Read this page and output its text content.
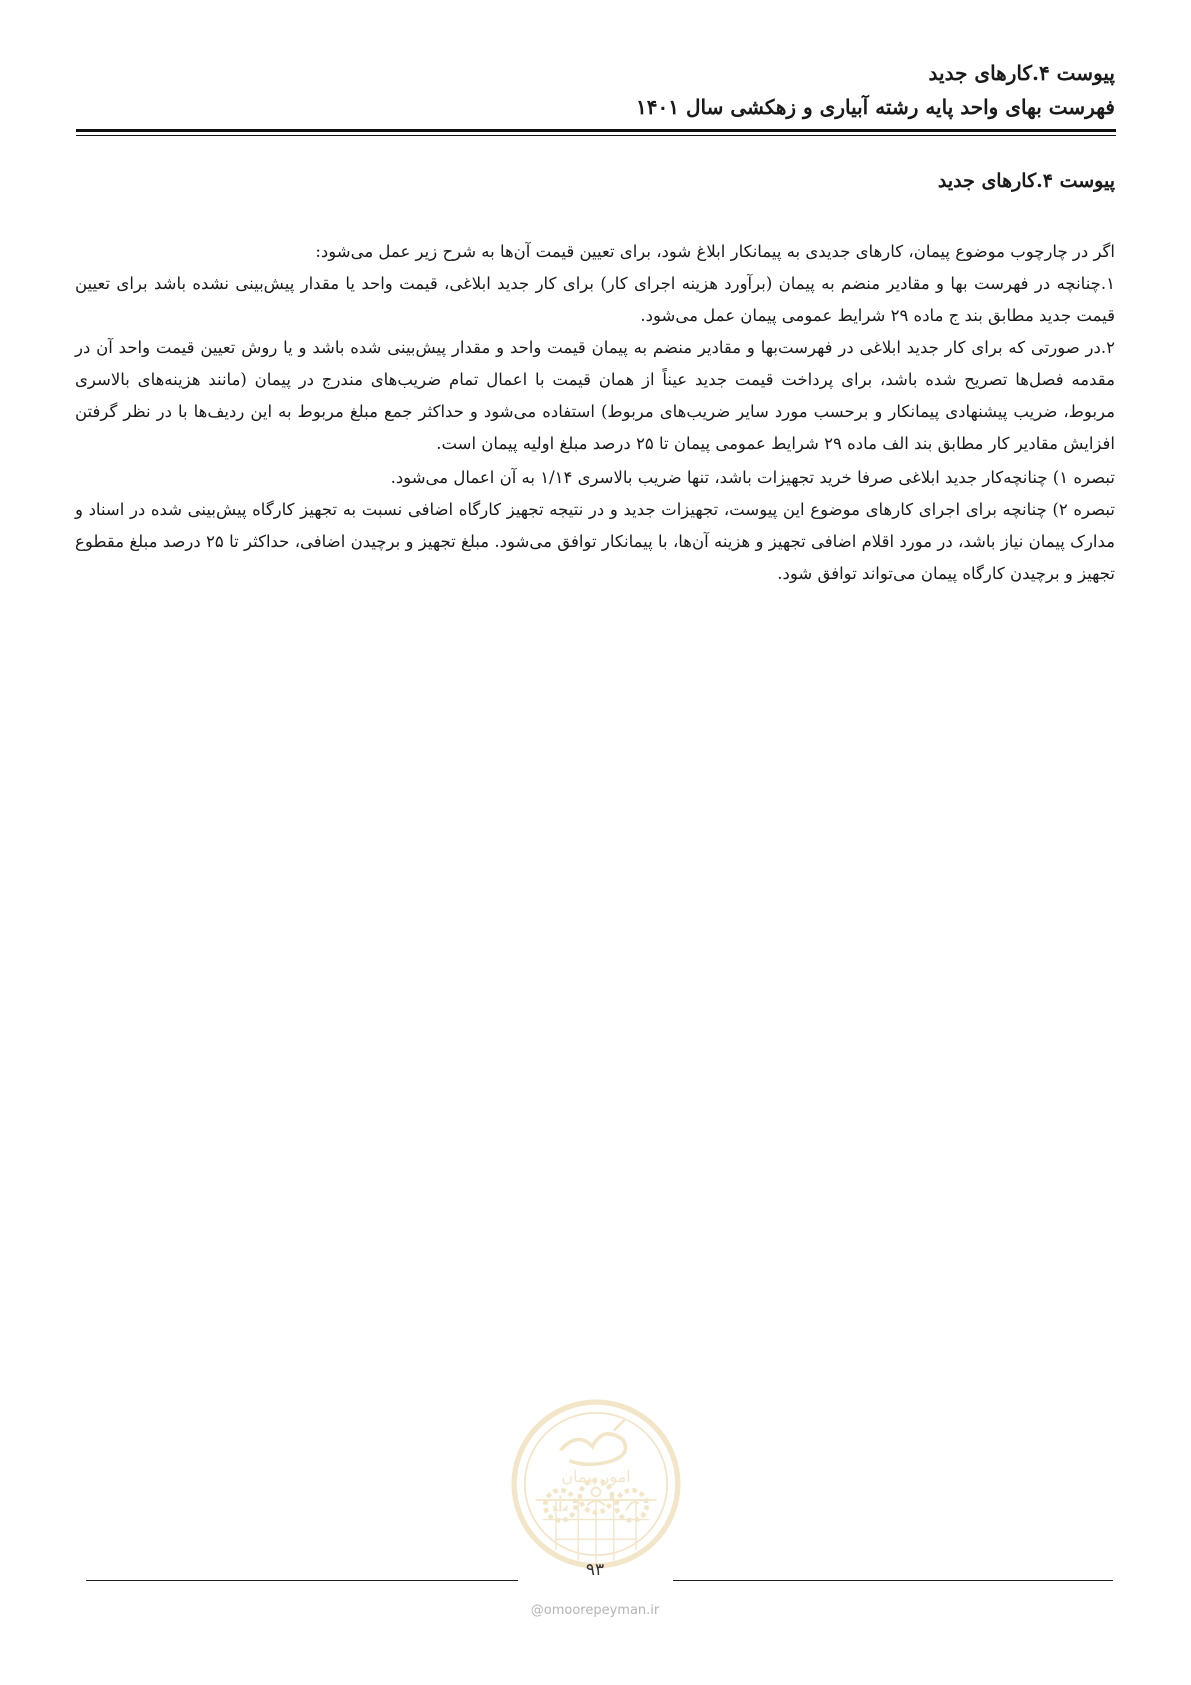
پیوست ۴.کارهای جدید
فهرست بهای واحد پایه رشته آبیاری و زهکشی سال ۱۴۰۱
پیوست ۴.کارهای جدید

اگر در چارچوب موضوع پیمان، کارهای جدیدی به پیمانکار ابلاغ شود، برای تعیین قیمت آن‌ها به شرح زیر عمل می‌شود:

۱.چنانچه در فهرست بها و مقادیر منضم به پیمان (برآورد هزینه اجرای کار) برای کار جدید ابلاغی، قیمت واحد یا مقدار پیش‌بینی نشده باشد برای تعیین قیمت جدید مطابق بند ج ماده ۲۹ شرایط عمومی پیمان عمل می‌شود.

۲.در صورتی که برای کار جدید ابلاغی در فهرست‌بها و مقادیر منضم به پیمان قیمت واحد و مقدار پیش‌بینی شده باشد و یا روش تعیین قیمت واحد آن در مقدمه فصل‌ها تصریح شده باشد، برای پرداخت قیمت جدید عیناً از همان قیمت با اعمال تمام ضریب‌های مندرج در پیمان (مانند هزینه‌های بالاسری مربوط، ضریب پیشنهادی پیمانکار و برحسب مورد سایر ضریب‌های مربوط) استفاده می‌شود و حداکثر جمع مبلغ مربوط به این ردیف‌ها با در نظر گرفتن افزایش مقادیر کار مطابق بند الف ماده ۲۹ شرایط عمومی پیمان تا ۲۵ درصد مبلغ اولیه پیمان است.

تبصره ۱) چنانچه‌کار جدید ابلاغی صرفا خرید تجهیزات باشد، تنها ضریب بالاسری ۱/۱۴ به آن اعمال می‌شود.

تبصره ۲) چنانچه برای اجرای کارهای موضوع این پیوست، تجهیزات جدید و در نتیجه تجهیز کارگاه اضافی نسبت به تجهیز کارگاه پیش‌بینی شده در اسناد و مدارک پیمان نیاز باشد، در مورد اقلام اضافی تجهیز و هزینه آن‌ها، با پیمانکار توافق می‌شود. مبلغ تجهیز و برچیدن اضافی، حداکثر تا ۲۵ درصد مبلغ مقطوع تجهیز و برچیدن کارگاه پیمان می‌تواند توافق شود.

امور پیمان
۹۳
@omoorepeyman.ir
